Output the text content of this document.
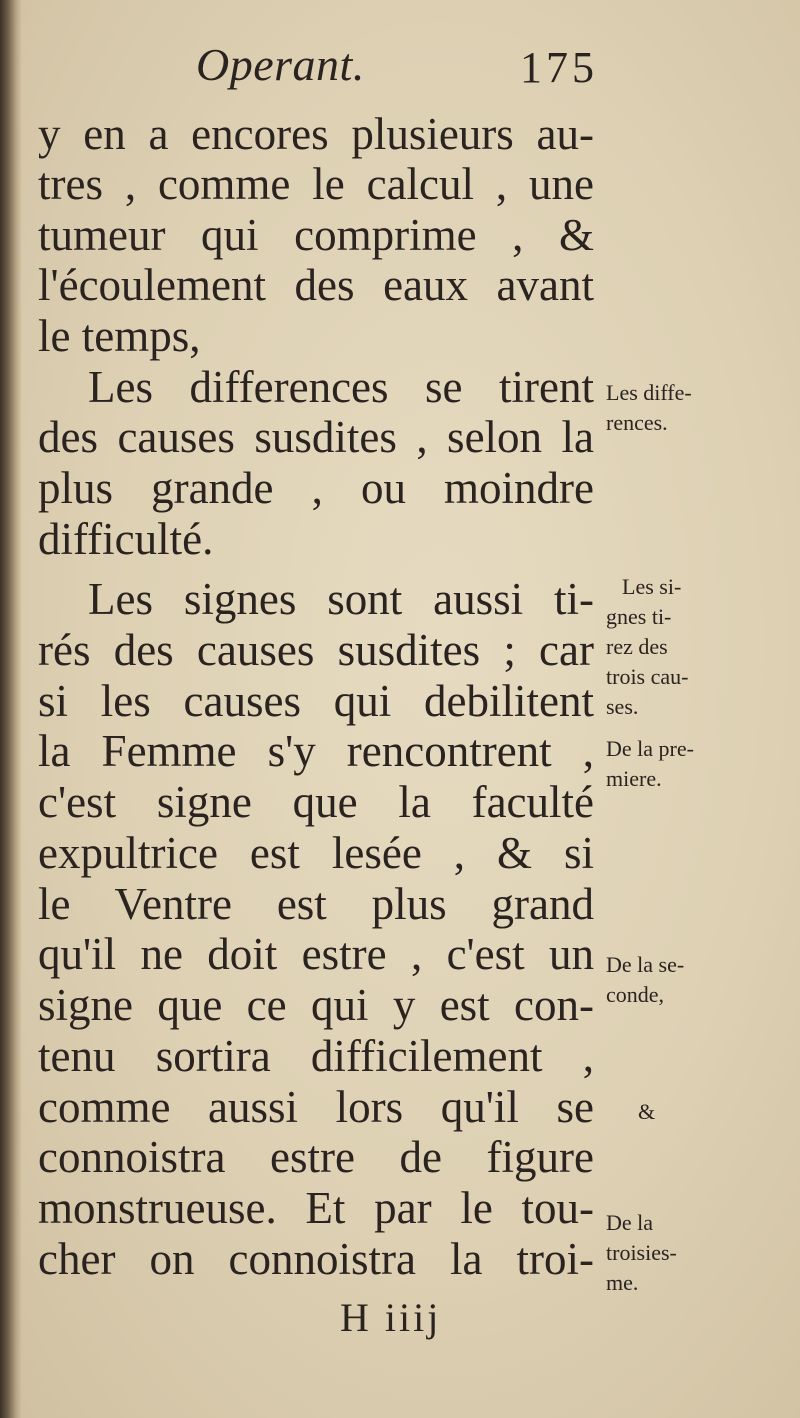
Operant.	175
y en a encores plusieurs au-
tres , comme le calcul , une
tumeur qui comprime , &
l'écoulement des eaux avant
le temps,
Les differences se tirent
des causes susdites , selon la
plus grande , ou moindre
difficulté.
Les signes sont aussi ti-
rés des causes susdites ; car
si les causes qui debilitent
la Femme s'y rencontrent ,
c'est signe que la faculté
expultrice est lesée , & si
le Ventre est plus grand
qu'il ne doit estre , c'est un
signe que ce qui y est con-
tenu sortira difficilement ,
comme aussi lors qu'il se
connoistra estre de figure
monstrueuse. Et par le tou-
cher on connoistra la troi-
Les diffe-
rences.
Les si-
gnes ti-
rez des
trois cau-
ses.
De la pre-
miere.
De la se-
conde,
&
De la
troisies-
me.
H iiij
